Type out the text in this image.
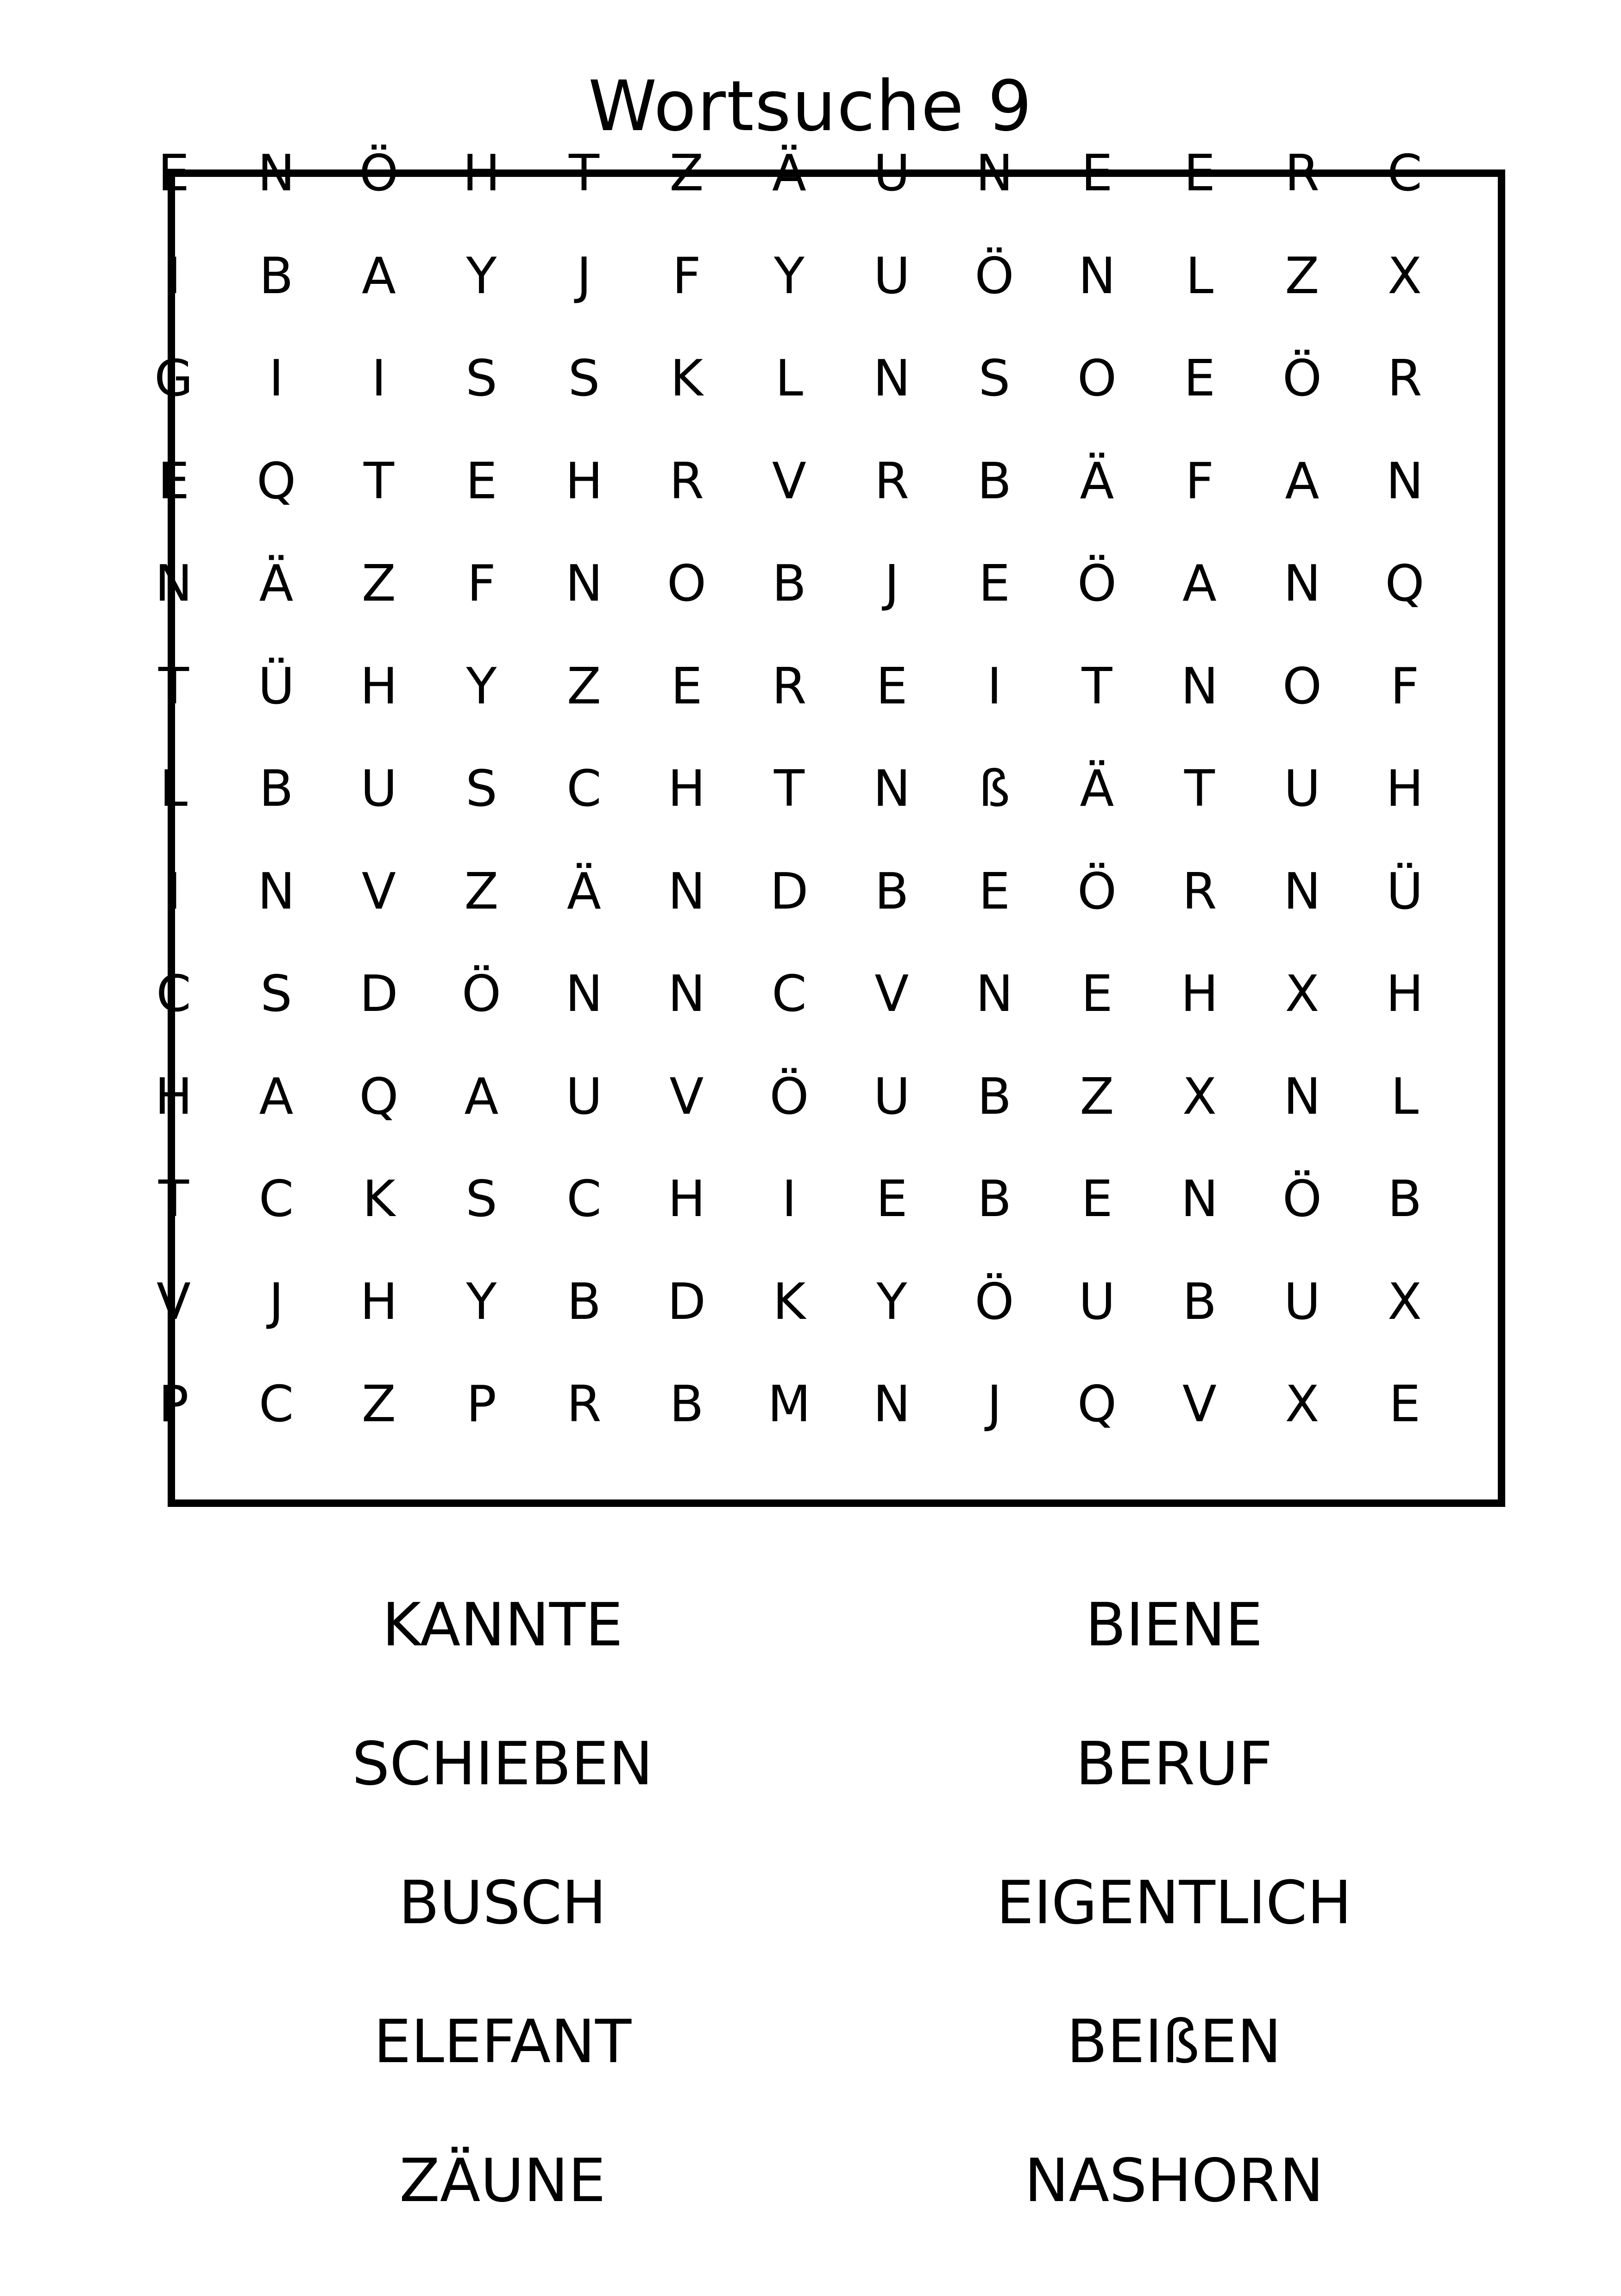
Wortsuche 9
E	N	Ö	H	T	Z	Ä	U	N	E	E	R	C
I	B	A	Y	J	F	Y	U	Ö	N	L	Z	X
G	I	I	S	S	K	L	N	S	O	E	Ö	R
E	Q	T	E	H	R	V	R	B	Ä	F	A	N
N	Ä	Z	F	N	O	B	J	E	Ö	A	N	Q
T	Ü	H	Y	Z	E	R	E	I	T	N	O	F
L	B	U	S	C	H	T	N	ß	Ä	T	U	H
I	N	V	Z	Ä	N	D	B	E	Ö	R	N	Ü
C	S	D	Ö	N	N	C	V	N	E	H	X	H
H	A	Q	A	U	V	Ö	U	B	Z	X	N	L
T	C	K	S	C	H	I	E	B	E	N	Ö	B
V	J	H	Y	B	D	K	Y	Ö	U	B	U	X
P	C	Z	P	R	B	M	N	J	Q	V	X	E
KANNTE
SCHIEBEN
BUSCH
ELEFANT
ZÄUNE
BIENE
BERUF
EIGENTLICH
BEIßEN
NASHORN
